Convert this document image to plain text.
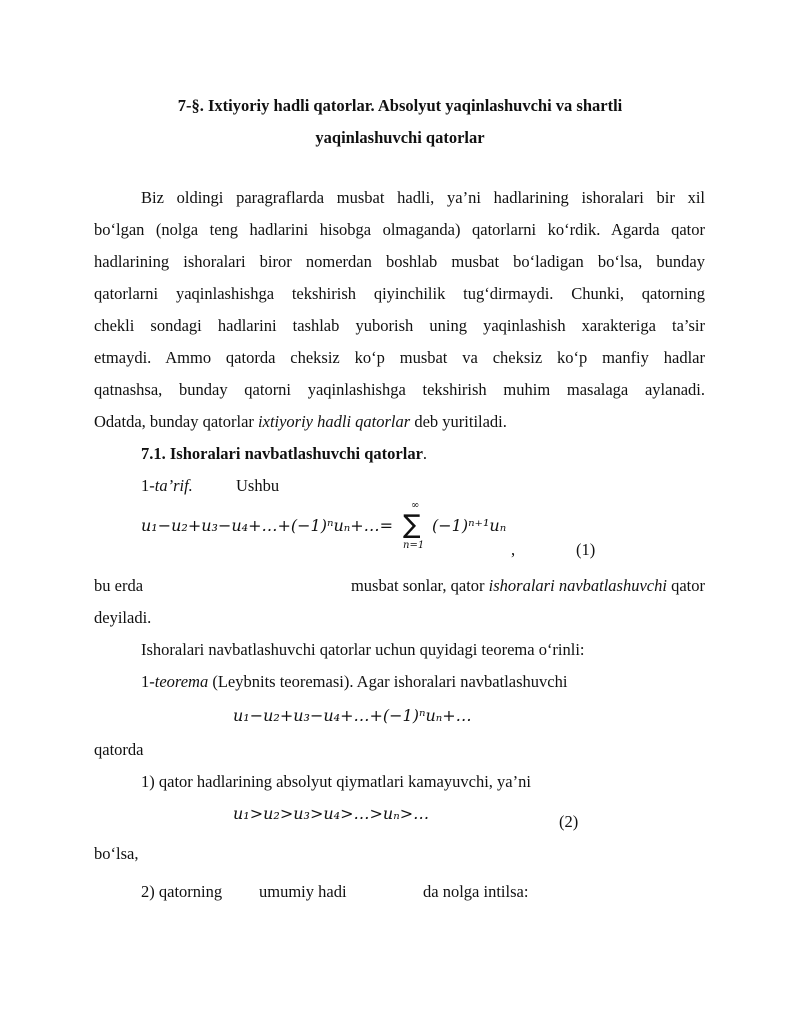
7-§. Ixtiyoriy hadli qatorlar. Absolyut yaqinlashuvchi va shartli
yaqinlashuvchi qatorlar
Biz oldingi paragraflarda musbat hadli, ya’ni hadlarining ishoralari bir xil
bo‘lgan (nolga teng hadlarini hisobga olmaganda) qatorlarni ko‘rdik. Agarda qator
hadlarining ishoralari biror nomerdan boshlab musbat bo‘ladigan bo‘lsa, bunday
qatorlarni yaqinlashishga tekshirish qiyinchilik tug‘dirmaydi. Chunki, qatorning
chekli sondagi hadlarini tashlab yuborish uning yaqinlashish xarakteriga ta’sir
etmaydi. Ammo qatorda cheksiz ko‘p musbat va cheksiz ko‘p manfiy hadlar
qatnashsa, bunday qatorni yaqinlashishga tekshirish muhim masalaga aylanadi.
Odatda, bunday qatorlar ixtiyoriy hadli qatorlar deb yuritiladi.
7.1. Ishoralari navbatlashuvchi qatorlar.
1-ta’rif.	Ushbu
u₁−u₂+u₃−u₄+…+(−1)ⁿuₙ+…=
∞
∑
n=1
(−1)ⁿ⁺¹uₙ
,	(1)
bu erda	musbat sonlar, qator ishoralari navbatlashuvchi qator
deyiladi.
Ishoralari navbatlashuvchi qatorlar uchun quyidagi teorema o‘rinli:
1-teorema (Leybnits teoremasi). Agar ishoralari navbatlashuvchi
u₁−u₂+u₃−u₄+…+(−1)ⁿuₙ+…
qatorda
1) qator hadlarining absolyut qiymatlari kamayuvchi, ya’ni
u₁>u₂>u₃>u₄>…>uₙ>…	(2)
bo‘lsa,
2) qatorning umumiy hadi	da nolga intilsa:
